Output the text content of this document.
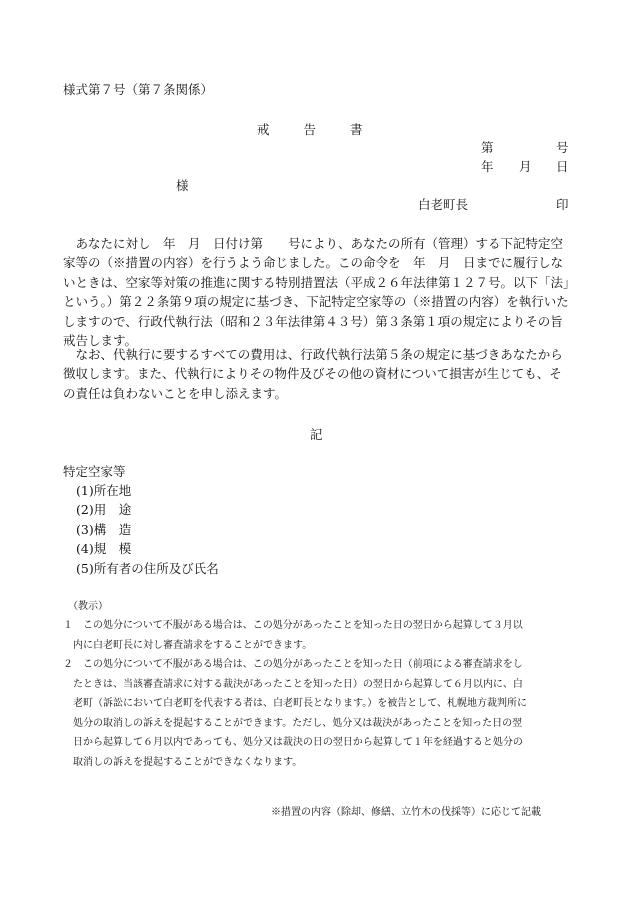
様式第７号（第７条関係）
戒	告	書
第	号
年 月 日
様
白老町長	印
　あなたに対し　年　月　日付け第　　号により、あなたの所有（管理）する下記特定空
家等の（※措置の内容）を行うよう命じました。この命令を　年　月　日までに履行しな
いときは、空家等対策の推進に関する特別措置法（平成２６年法律第１２７号。以下「法」
という。）第２２条第９項の規定に基づき、下記特定空家等の（※措置の内容）を執行いた
しますので、行政代執行法（昭和２３年法律第４３号）第３条第１項の規定によりその旨
戒告します。
　なお、代執行に要するすべての費用は、行政代執行法第５条の規定に基づきあなたから
徴収します。また、代執行によりその物件及びその他の資材について損害が生じても、そ
の責任は負わないことを申し添えます。
記
特定空家等
(1)所在地
(2)用　途
(3)構　造
(4)規　模
(5)所有者の住所及び氏名
（教示）
１　この処分について不服がある場合は、この処分があったことを知った日の翌日から起算して３月以
　内に白老町長に対し審査請求をすることができます。
２　この処分について不服がある場合は、この処分があったことを知った日（前項による審査請求をし
　たときは、当該審査請求に対する裁決があったことを知った日）の翌日から起算して６月以内に、白
　老町（訴訟において白老町を代表する者は、白老町長となります。）を被告として、札幌地方裁判所に
　処分の取消しの訴えを提起することができます。ただし、処分又は裁決があったことを知った日の翌
　日から起算して６月以内であっても、処分又は裁決の日の翌日から起算して１年を経過すると処分の
　取消しの訴えを提起することができなくなります。
※措置の内容（除却、修繕、立竹木の伐採等）に応じて記載
